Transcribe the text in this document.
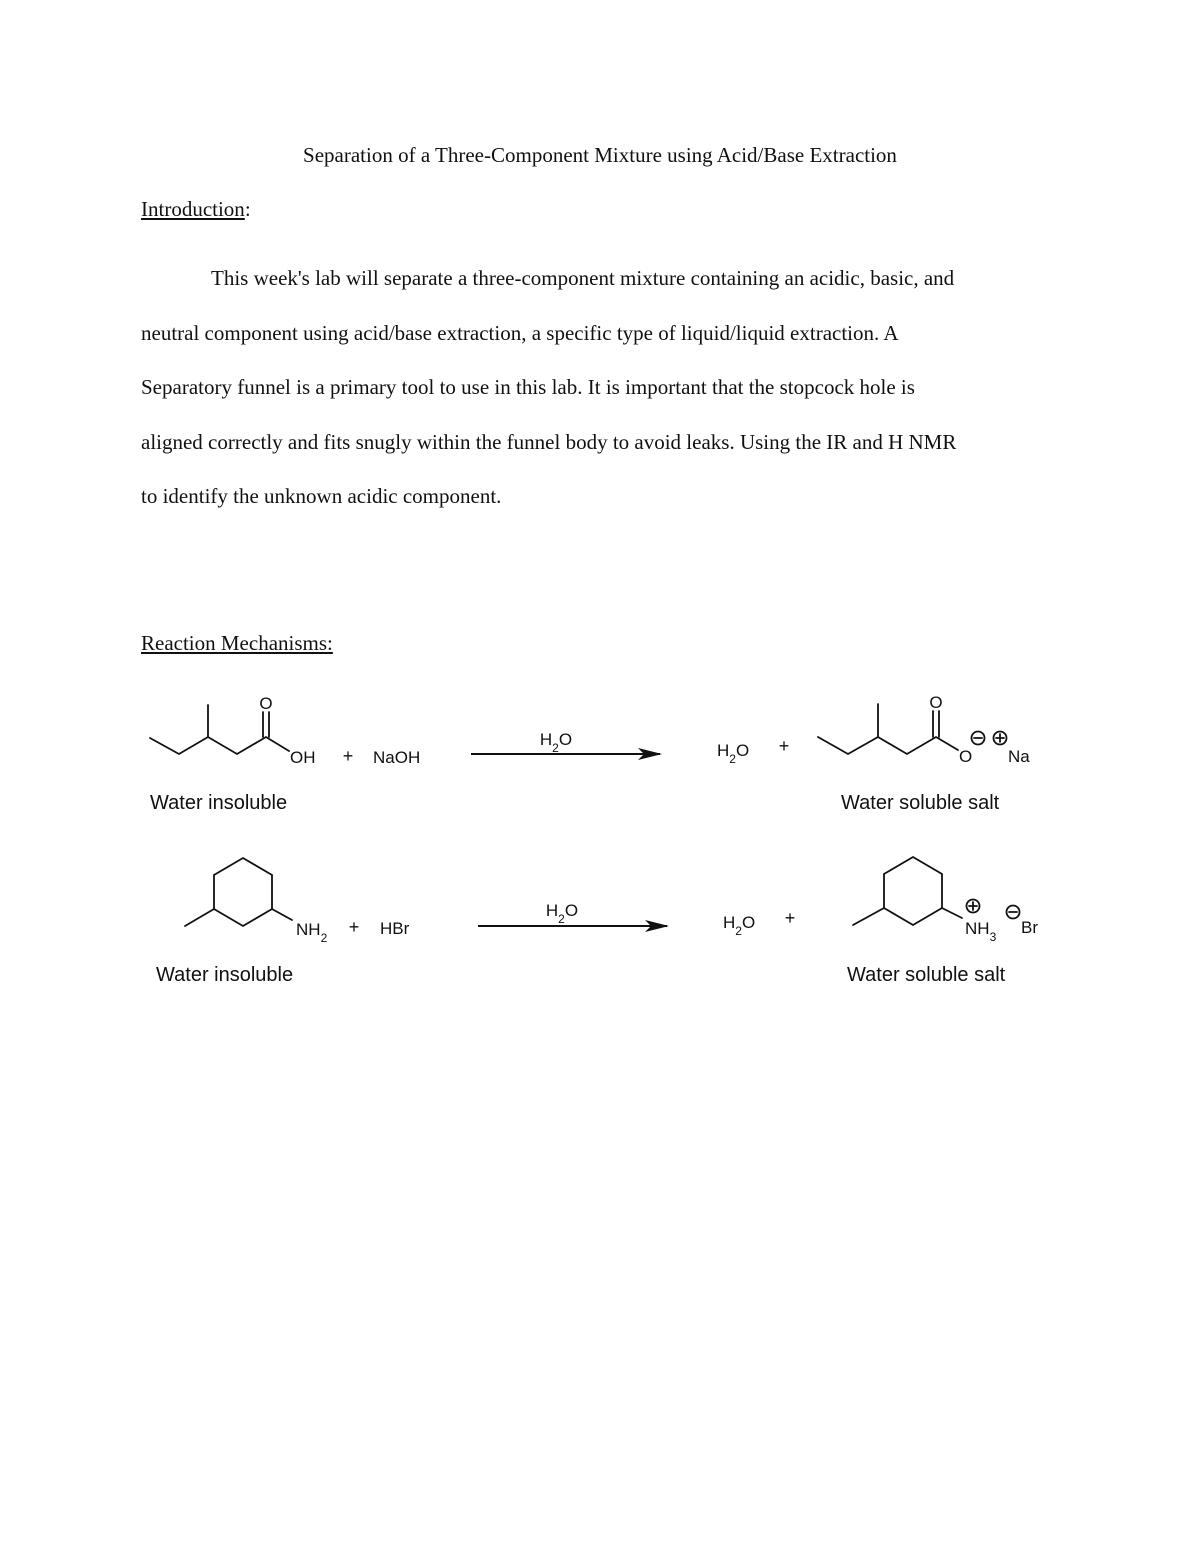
Separation of a Three-Component Mixture using Acid/Base Extraction
Introduction:

This week's lab will separate a three-component mixture containing an acidic, basic, and
neutral component using acid/base extraction, a specific type of liquid/liquid extraction. A
Separatory funnel is a primary tool to use in this lab. It is important that the stopcock hole is
aligned correctly and fits snugly within the funnel body to avoid leaks. Using the IR and H NMR
to identify the unknown acidic component.

Reaction Mechanisms:
O
OH + NaOH
$H_2O$
$H_2O$ +
O
O Na
Water insoluble	Water soluble salt
$NH_2$
+ HBr
$H_2O$
$H_2O$ +
$NH_3$ Br
Water insoluble	Water soluble salt
